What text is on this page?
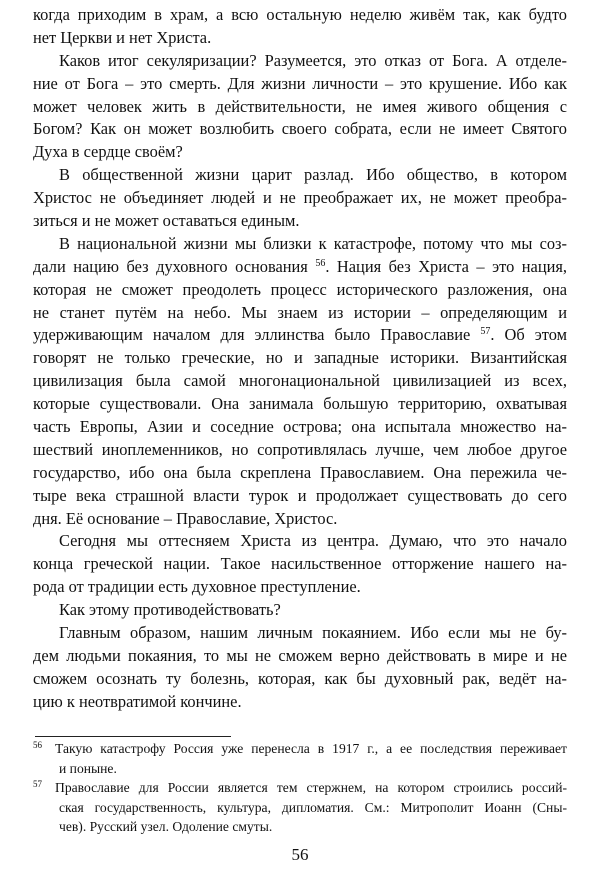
когда приходим в храм, а всю остальную неделю живём так, как будто
нет Церкви и нет Христа.
Каков итог секуляризации? Разумеется, это отказ от Бога. А отделе-
ние от Бога – это смерть. Для жизни личности – это крушение. Ибо как
может человек жить в действительности, не имея живого общения с
Богом? Как он может возлюбить своего собрата, если не имеет Святого
Духа в сердце своём?
В общественной жизни царит разлад. Ибо общество, в котором
Христос не объединяет людей и не преображает их, не может преобра-
зиться и не может оставаться единым.
В национальной жизни мы близки к катастрофе, потому что мы соз-
дали нацию без духовного основания $^{56}$. Нация без Христа – это нация,
которая не сможет преодолеть процесс исторического разложения, она
не станет путём на небо. Мы знаем из истории – определяющим и
удерживающим началом для эллинства было Православие $^{57}$. Об этом
говорят не только греческие, но и западные историки. Византийская
цивилизация была самой многонациональной цивилизацией из всех,
которые существовали. Она занимала большую территорию, охватывая
часть Европы, Азии и соседние острова; она испытала множество на-
шествий иноплеменников, но сопротивлялась лучше, чем любое другое
государство, ибо она была скреплена Православием. Она пережила че-
тыре века страшной власти турок и продолжает существовать до сего
дня. Её основание – Православие, Христос.
Сегодня мы оттесняем Христа из центра. Думаю, что это начало
конца греческой нации. Такое насильственное отторжение нашего на-
рода от традиции есть духовное преступление.
Как этому противодействовать?
Главным образом, нашим личным покаянием. Ибо если мы не бу-
дем людьми покаяния, то мы не сможем верно действовать в мире и не
сможем осознать ту болезнь, которая, как бы духовный рак, ведёт на-
цию к неотвратимой кончине.
56 Такую катастрофу Россия уже перенесла в 1917 г., а ее последствия переживает
и поныне.
57 Православие для России является тем стержнем, на котором строились россий-
ская государственность, культура, дипломатия. См.: Митрополит Иоанн (Сны-
чев). Русский узел. Одоление смуты.
56
